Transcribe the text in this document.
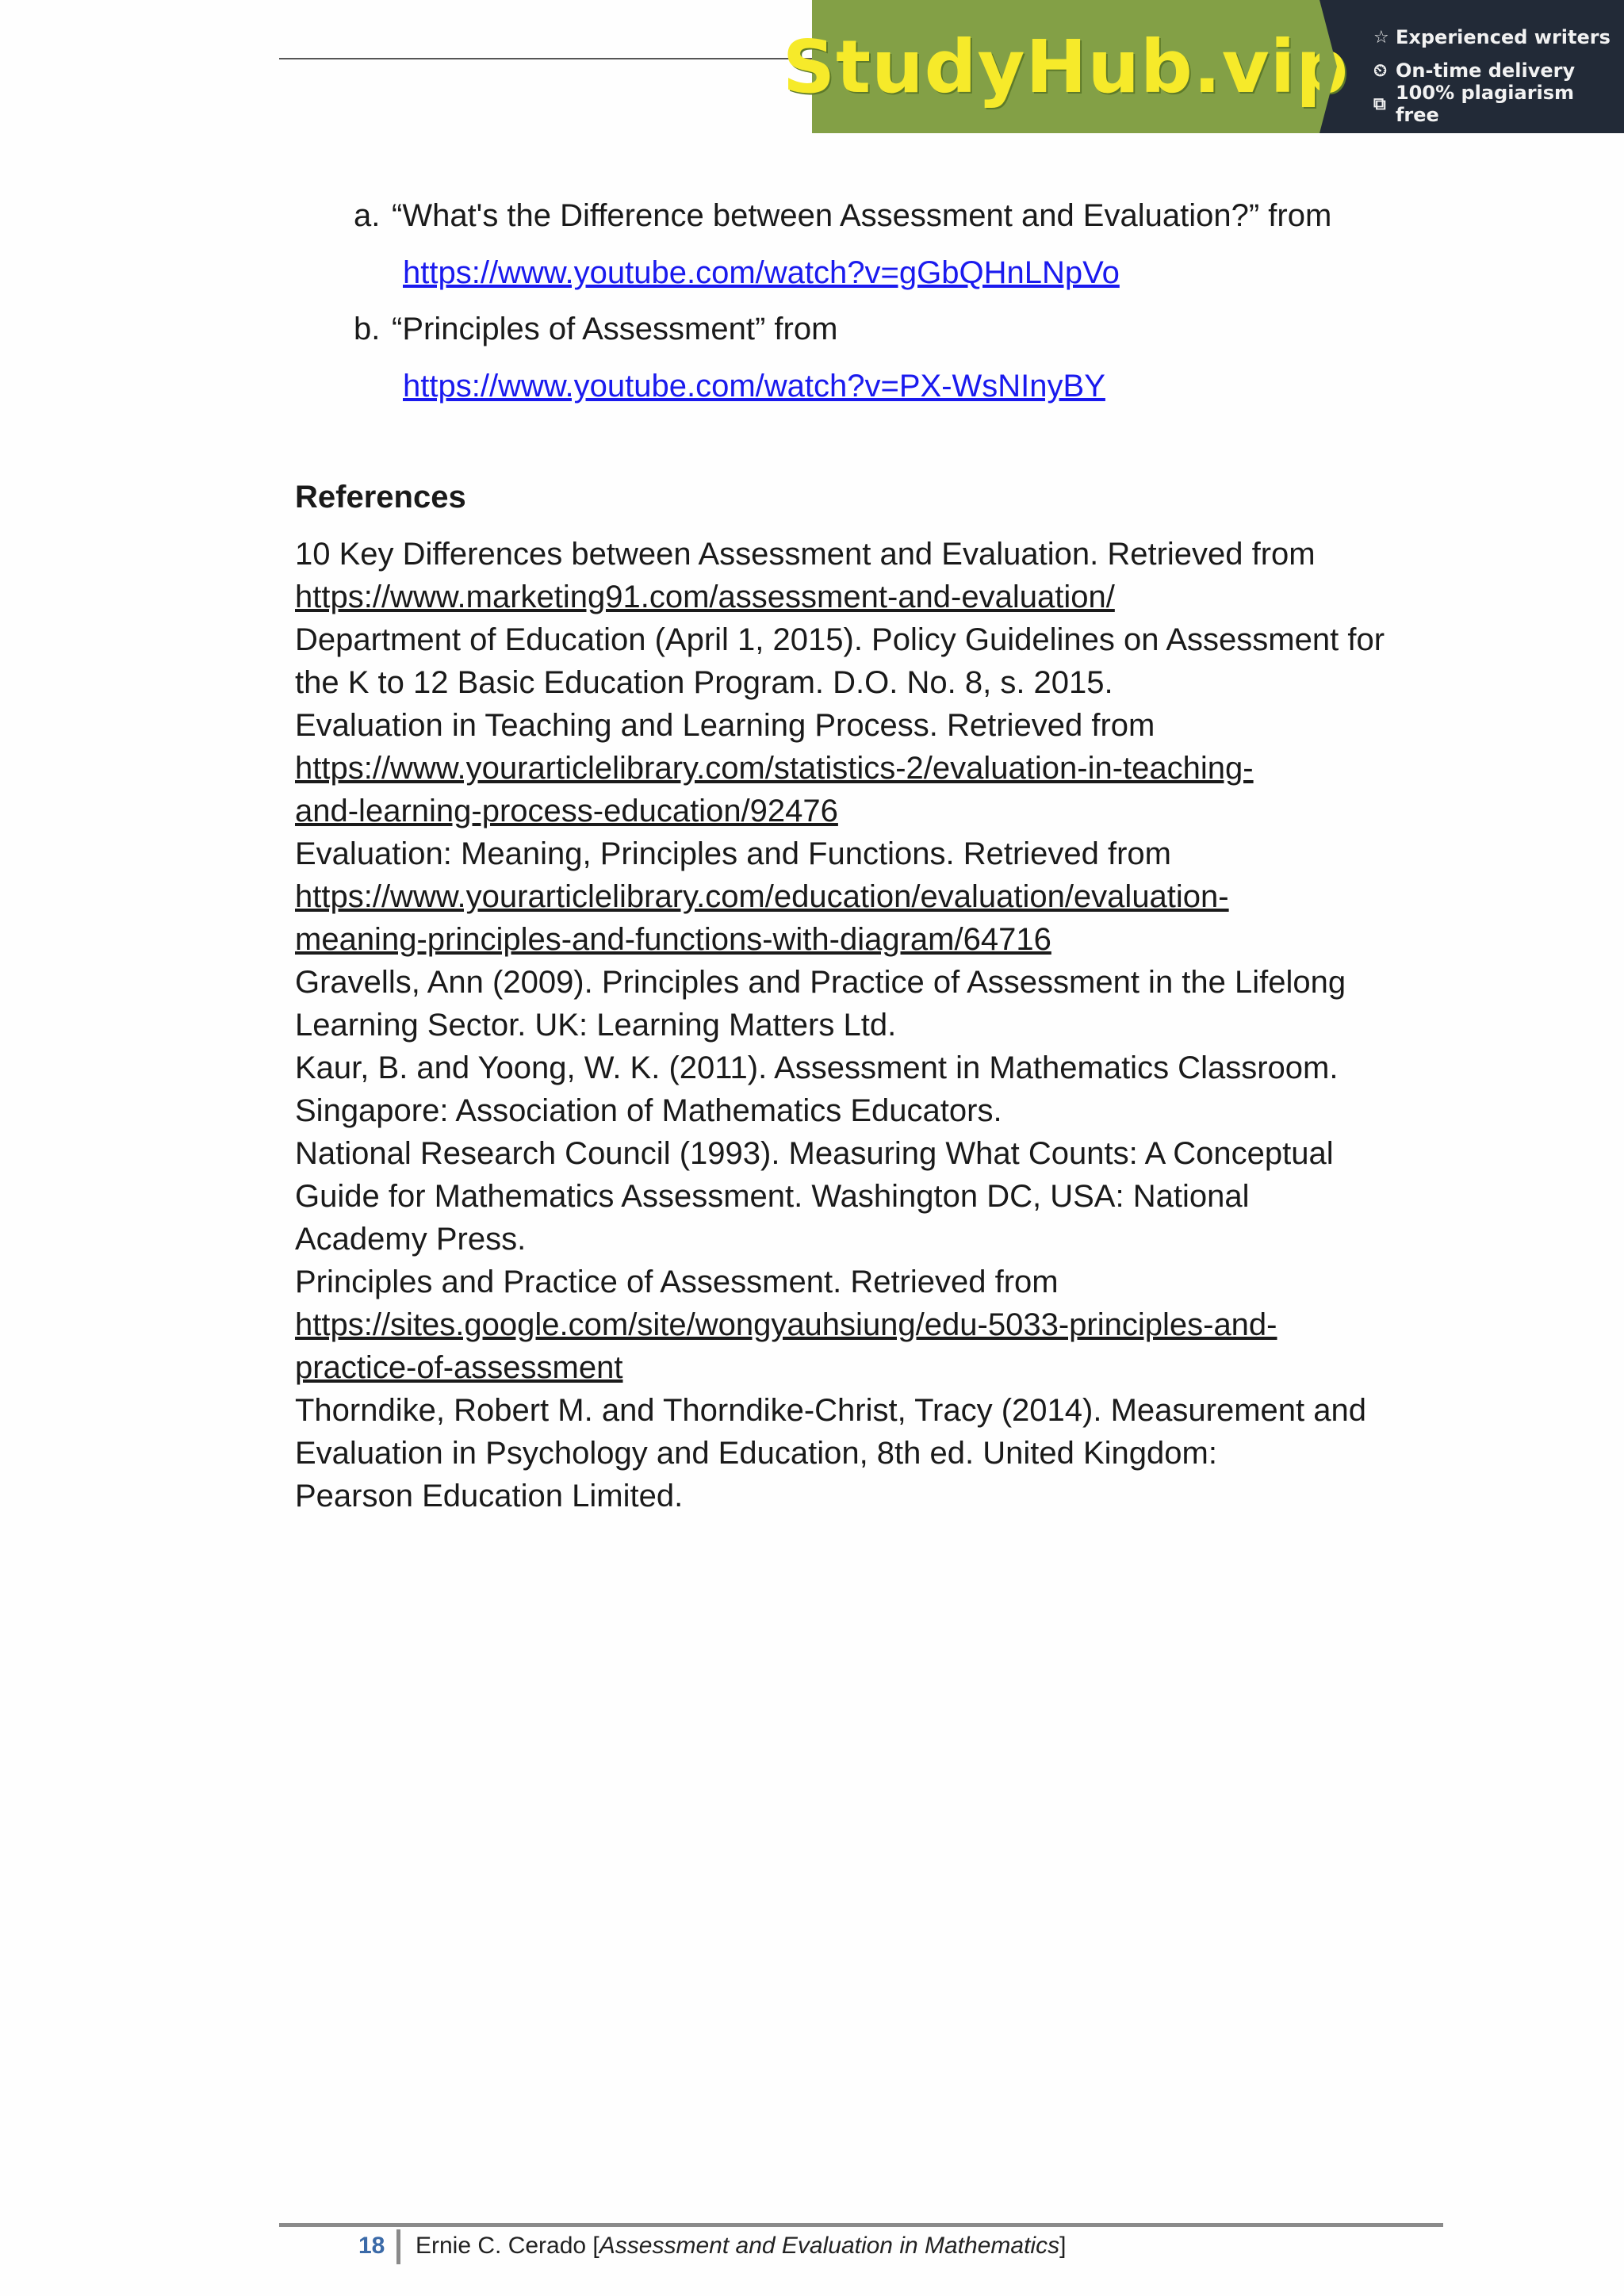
StudyHub.vip ☆ Experienced writers
⏲ On-time delivery
⧉ 100% plagiarism free
a. “What's the Difference between Assessment and Evaluation?” from
https://www.youtube.com/watch?v=gGbQHnLNpVo
b. “Principles of Assessment” from
https://www.youtube.com/watch?v=PX-WsNInyBY
References
10 Key Differences between Assessment and Evaluation. Retrieved from
https://www.marketing91.com/assessment-and-evaluation/
Department of Education (April 1, 2015). Policy Guidelines on Assessment for
the K to 12 Basic Education Program. D.O. No. 8, s. 2015.
Evaluation in Teaching and Learning Process. Retrieved from
https://www.yourarticlelibrary.com/statistics-2/evaluation-in-teaching-
and-learning-process-education/92476
Evaluation: Meaning, Principles and Functions. Retrieved from
https://www.yourarticlelibrary.com/education/evaluation/evaluation-
meaning-principles-and-functions-with-diagram/64716
Gravells, Ann (2009). Principles and Practice of Assessment in the Lifelong
Learning Sector. UK: Learning Matters Ltd.
Kaur, B. and Yoong, W. K. (2011). Assessment in Mathematics Classroom.
Singapore: Association of Mathematics Educators.
National Research Council (1993). Measuring What Counts: A Conceptual
Guide for Mathematics Assessment. Washington DC, USA: National
Academy Press.
Principles and Practice of Assessment. Retrieved from
https://sites.google.com/site/wongyauhsiung/edu-5033-principles-and-
practice-of-assessment
Thorndike, Robert M. and Thorndike-Christ, Tracy (2014). Measurement and
Evaluation in Psychology and Education, 8th ed. United Kingdom:
Pearson Education Limited.
18 Ernie C. Cerado [Assessment and Evaluation in Mathematics]
